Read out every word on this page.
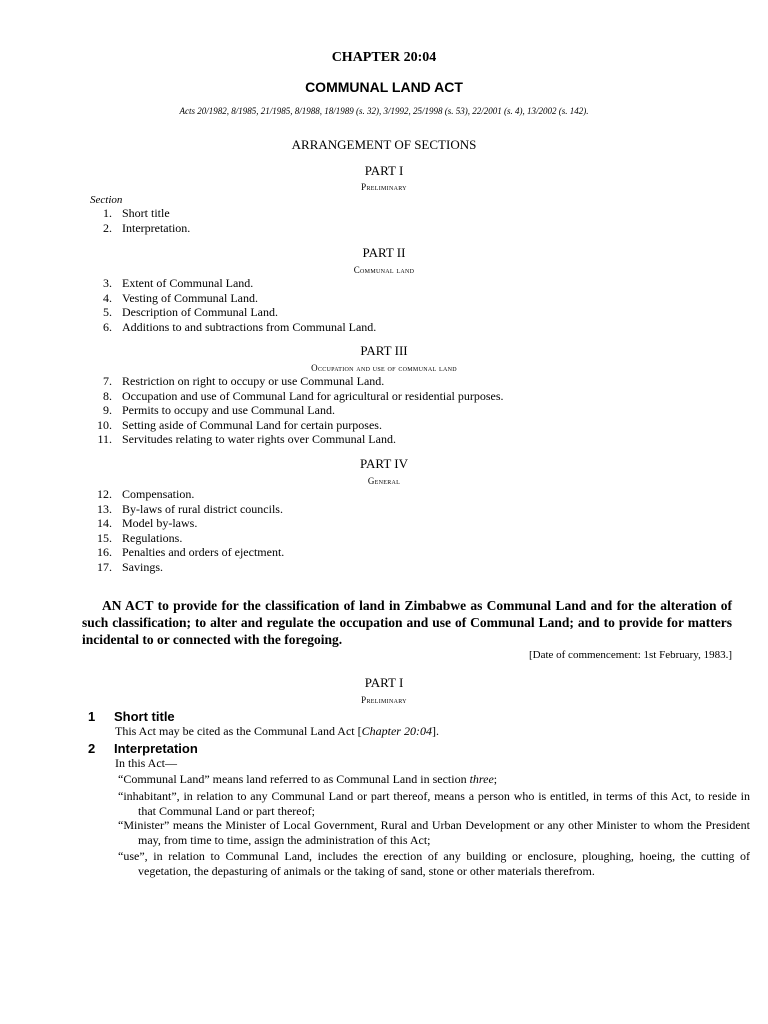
CHAPTER 20:04
COMMUNAL LAND ACT
Acts 20/1982, 8/1985, 21/1985, 8/1988, 18/1989 (s. 32), 3/1992, 25/1998 (s. 53), 22/2001 (s. 4), 13/2002 (s. 142).
ARRANGEMENT OF SECTIONS
PART I
Preliminary
Section
1. Short title
2. Interpretation.
PART II
Communal land
3. Extent of Communal Land.
4. Vesting of Communal Land.
5. Description of Communal Land.
6. Additions to and subtractions from Communal Land.
PART III
Occupation and use of communal land
7. Restriction on right to occupy or use Communal Land.
8. Occupation and use of Communal Land for agricultural or residential purposes.
9. Permits to occupy and use Communal Land.
10. Setting aside of Communal Land for certain purposes.
11. Servitudes relating to water rights over Communal Land.
PART IV
General
12. Compensation.
13. By-laws of rural district councils.
14. Model by-laws.
15. Regulations.
16. Penalties and orders of ejectment.
17. Savings.
AN ACT to provide for the classification of land in Zimbabwe as Communal Land and for the alteration of such classification; to alter and regulate the occupation and use of Communal Land; and to provide for matters incidental to or connected with the foregoing.
[Date of commencement: 1st February, 1983.]
PART I
Preliminary
1	Short title
This Act may be cited as the Communal Land Act [Chapter 20:04].
2	Interpretation
In this Act—
“Communal Land” means land referred to as Communal Land in section three;
“inhabitant”, in relation to any Communal Land or part thereof, means a person who is entitled, in terms of this Act, to reside in that Communal Land or part thereof;
“Minister” means the Minister of Local Government, Rural and Urban Development or any other Minister to whom the President may, from time to time, assign the administration of this Act;
“use”, in relation to Communal Land, includes the erection of any building or enclosure, ploughing, hoeing, the cutting of vegetation, the depasturing of animals or the taking of sand, stone or other materials therefrom.
